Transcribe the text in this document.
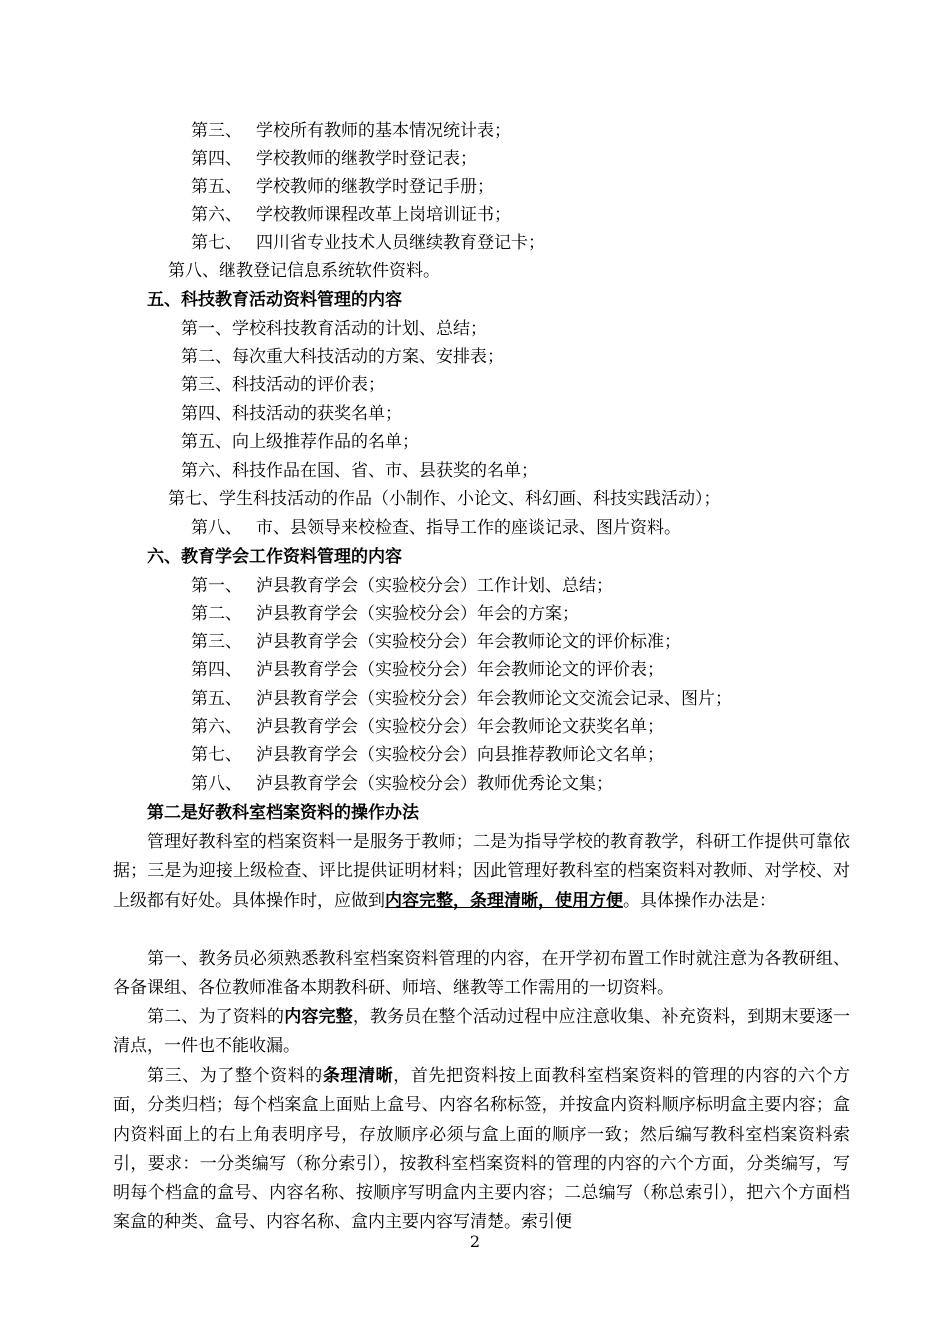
第三、 学校所有教师的基本情况统计表；
第四、 学校教师的继教学时登记表；
第五、 学校教师的继教学时登记手册；
第六、 学校教师课程改革上岗培训证书；
第七、 四川省专业技术人员继续教育登记卡；
第八、继教登记信息系统软件资料。
五、科技教育活动资料管理的内容
第一、学校科技教育活动的计划、总结；
第二、每次重大科技活动的方案、安排表；
第三、科技活动的评价表；
第四、科技活动的获奖名单；
第五、向上级推荐作品的名单；
第六、科技作品在国、省、市、县获奖的名单；
第七、学生科技活动的作品（小制作、小论文、科幻画、科技实践活动）；
第八、 市、县领导来校检查、指导工作的座谈记录、图片资料。
六、教育学会工作资料管理的内容
第一、 泸县教育学会（实验校分会）工作计划、总结；
第二、 泸县教育学会（实验校分会）年会的方案；
第三、 泸县教育学会（实验校分会）年会教师论文的评价标准；
第四、 泸县教育学会（实验校分会）年会教师论文的评价表；
第五、 泸县教育学会（实验校分会）年会教师论文交流会记录、图片；
第六、 泸县教育学会（实验校分会）年会教师论文获奖名单；
第七、 泸县教育学会（实验校分会）向县推荐教师论文名单；
第八、 泸县教育学会（实验校分会）教师优秀论文集；
第二是好教科室档案资料的操作办法
管理好教科室的档案资料一是服务于教师；二是为指导学校的教育教学，科研工作提供可靠依据；三是为迎接上级检查、评比提供证明材料；因此管理好教科室的档案资料对教师、对学校、对上级都有好处。具体操作时，应做到内容完整，条理清晰，使用方便。具体操作办法是：
第一、教务员必须熟悉教科室档案资料管理的内容，在开学初布置工作时就注意为各教研组、各备课组、各位教师准备本期教科研、师培、继教等工作需用的一切资料。
第二、为了资料的内容完整，教务员在整个活动过程中应注意收集、补充资料，到期末要逐一清点，一件也不能收漏。
第三、为了整个资料的条理清晰，首先把资料按上面教科室档案资料的管理的内容的六个方面，分类归档；每个档案盒上面贴上盒号、内容名称标签，并按盒内资料顺序标明盒主要内容；盒内资料面上的右上角表明序号，存放顺序必须与盒上面的顺序一致；然后编写教科室档案资料索引，要求：一分类编写（称分索引），按教科室档案资料的管理的内容的六个方面，分类编写，写明每个档盒的盒号、内容名称、按顺序写明盒内主要内容；二总编写（称总索引），把六个方面档案盒的种类、盒号、内容名称、盒内主要内容写清楚。索引便
2
